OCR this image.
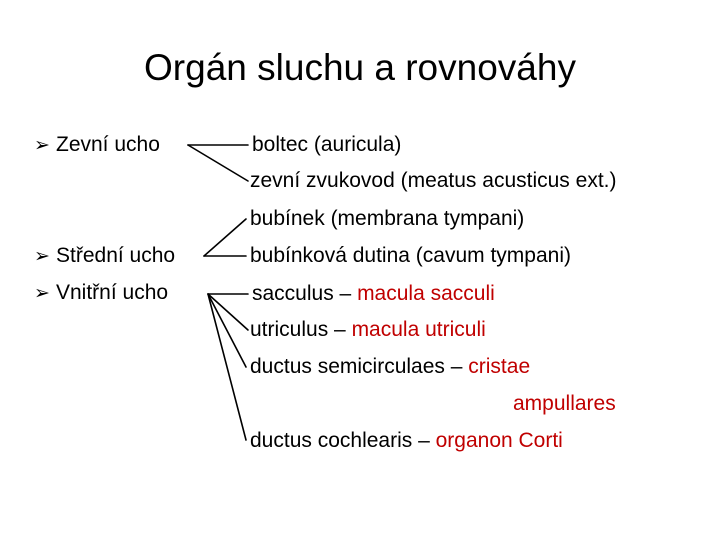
Orgán sluchu a rovnováhy
➢ Zevní ucho
➢ Střední ucho
➢ Vnitřní ucho
boltec (auricula)
zevní zvukovod (meatus acusticus ext.)
bubínek (membrana tympani)
bubínková dutina (cavum tympani)
sacculus – macula sacculi
utriculus – macula utriculi
ductus semicirculaes – cristae
ampullares
ductus cochlearis – organon Corti
